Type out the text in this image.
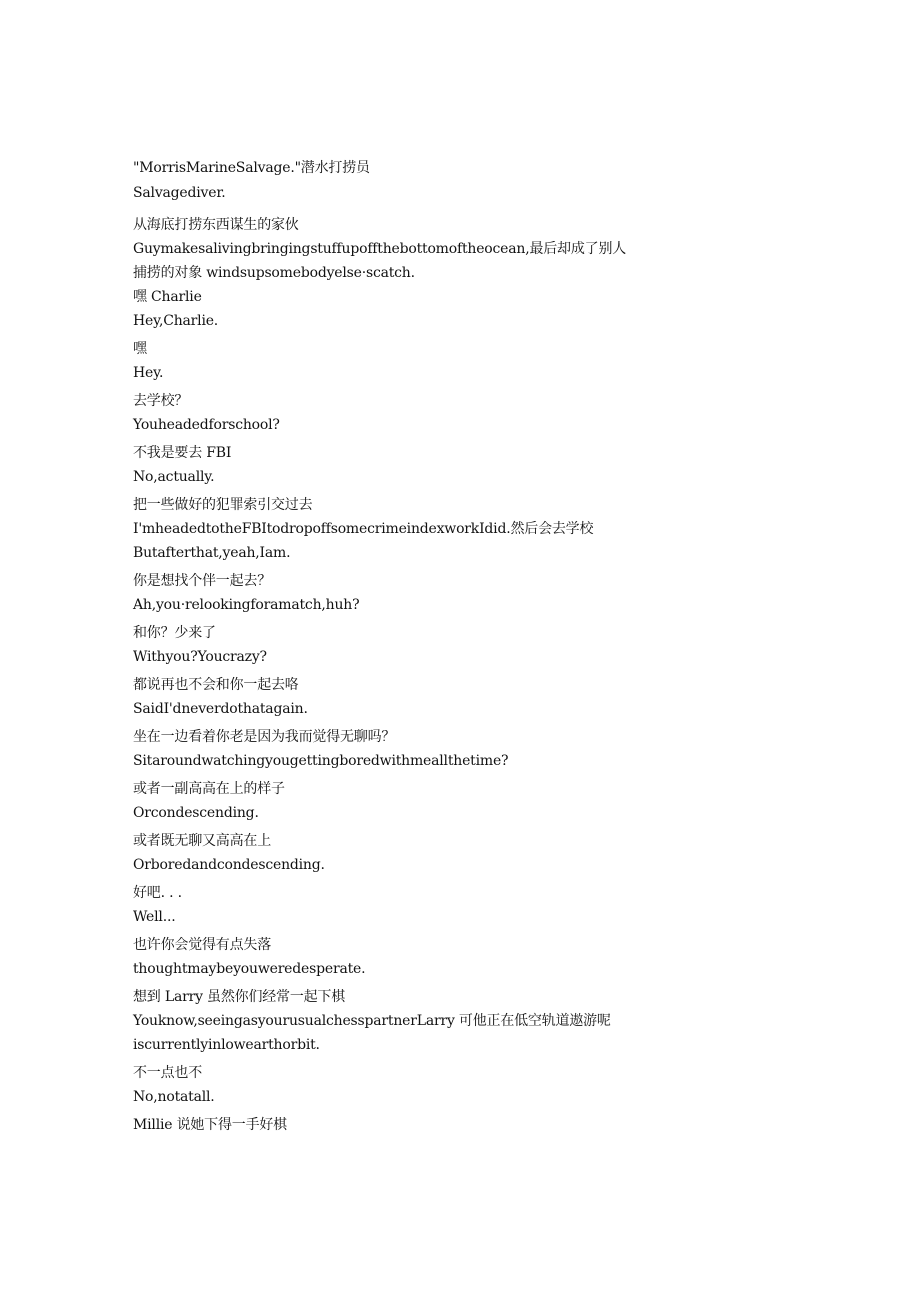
"MorrisMarineSalvage."潜水打捞员
Salvagediver.
从海底打捞东西谋生的家伙
Guymakesalivingbringingstuffupoffthebottomoftheocean,最后却成了别人
捕捞的对象 windsupsomebodyelse·scatch.
嘿 Charlie
Hey,Charlie.
嘿
Hey.
去学校？
Youheadedforschool?
不我是要去 FBI
No,actually.
把一些做好的犯罪索引交过去
I'mheadedtotheFBItodropoffsomecrimeindexworkIdid.然后会去学校
Butafterthat,yeah,Iam.
你是想找个伴一起去？
Ah,you·relookingforamatch,huh?
和你？少来了
Withyou?Youcrazy?
都说再也不会和你一起去咯
SaidI'dneverdothatagain.
坐在一边看着你老是因为我而觉得无聊吗？
Sitaroundwatchingyougettingboredwithmeallthetime?
或者一副高高在上的样子
Orcondescending.
或者既无聊又高高在上
Orboredandcondescending.
好吧. . .
Well...
也许你会觉得有点失落
thoughtmaybeyouweredesperate.
想到 Larry 虽然你们经常一起下棋
Youknow,seeingasyourusualchesspartnerLarry 可他正在低空轨道遨游呢
iscurrentlyinlowearthorbit.
不一点也不
No,notatall.
Millie 说她下得一手好棋
